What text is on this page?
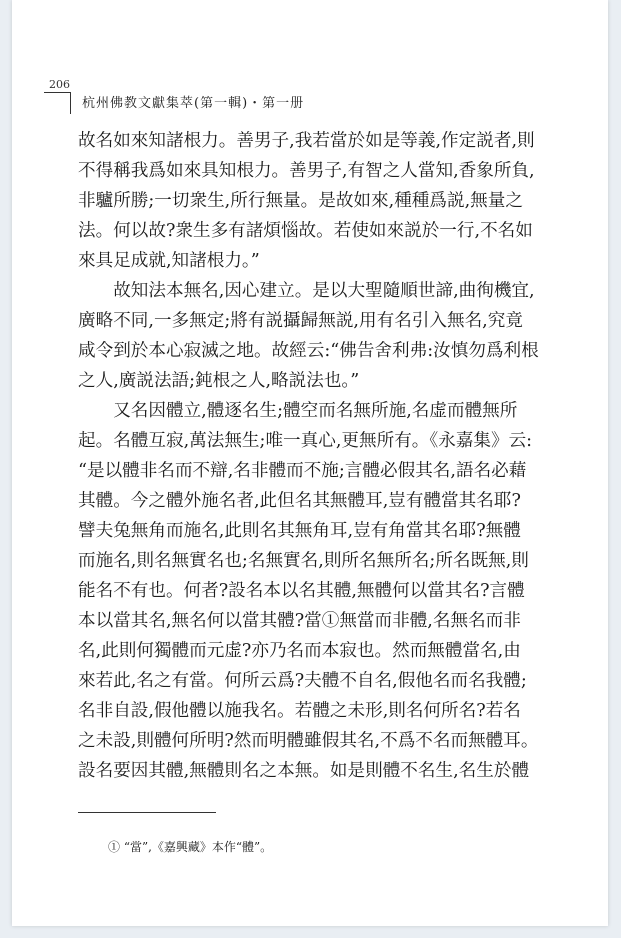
206
杭州佛教文獻集萃(第一輯)・第一册
故名如來知諸根力。善男子,我若當於如是等義,作定説者,則
不得稱我爲如來具知根力。善男子,有智之人當知,香象所負,
非驢所勝;一切衆生,所行無量。是故如來,種種爲説,無量之
法。何以故?衆生多有諸煩惱故。若使如來説於一行,不名如
來具足成就,知諸根力。”
故知法本無名,因心建立。是以大聖隨順世諦,曲徇機宜,
廣略不同,一多無定;將有説攝歸無説,用有名引入無名,究竟
咸令到於本心寂滅之地。故經云:“佛告舍利弗:汝慎勿爲利根
之人,廣説法語;鈍根之人,略説法也。”
又名因體立,體逐名生;體空而名無所施,名虚而體無所
起。名體互寂,萬法無生;唯一真心,更無所有。《永嘉集》云:
“是以體非名而不辯,名非體而不施;言體必假其名,語名必藉
其體。今之體外施名者,此但名其無體耳,豈有體當其名耶?
譬夫兔無角而施名,此則名其無角耳,豈有角當其名耶?無體
而施名,則名無實名也;名無實名,則所名無所名;所名既無,則
能名不有也。何者?設名本以名其體,無體何以當其名?言體
本以當其名,無名何以當其體?當①無當而非體,名無名而非
名,此則何獨體而元虚?亦乃名而本寂也。然而無體當名,由
來若此,名之有當。何所云爲?夫體不自名,假他名而名我體;
名非自設,假他體以施我名。若體之未形,則名何所名?若名
之未設,則體何所明?然而明體雖假其名,不爲不名而無體耳。
設名要因其體,無體則名之本無。如是則體不名生,名生於體
① “當”,《嘉興藏》本作“體”。
